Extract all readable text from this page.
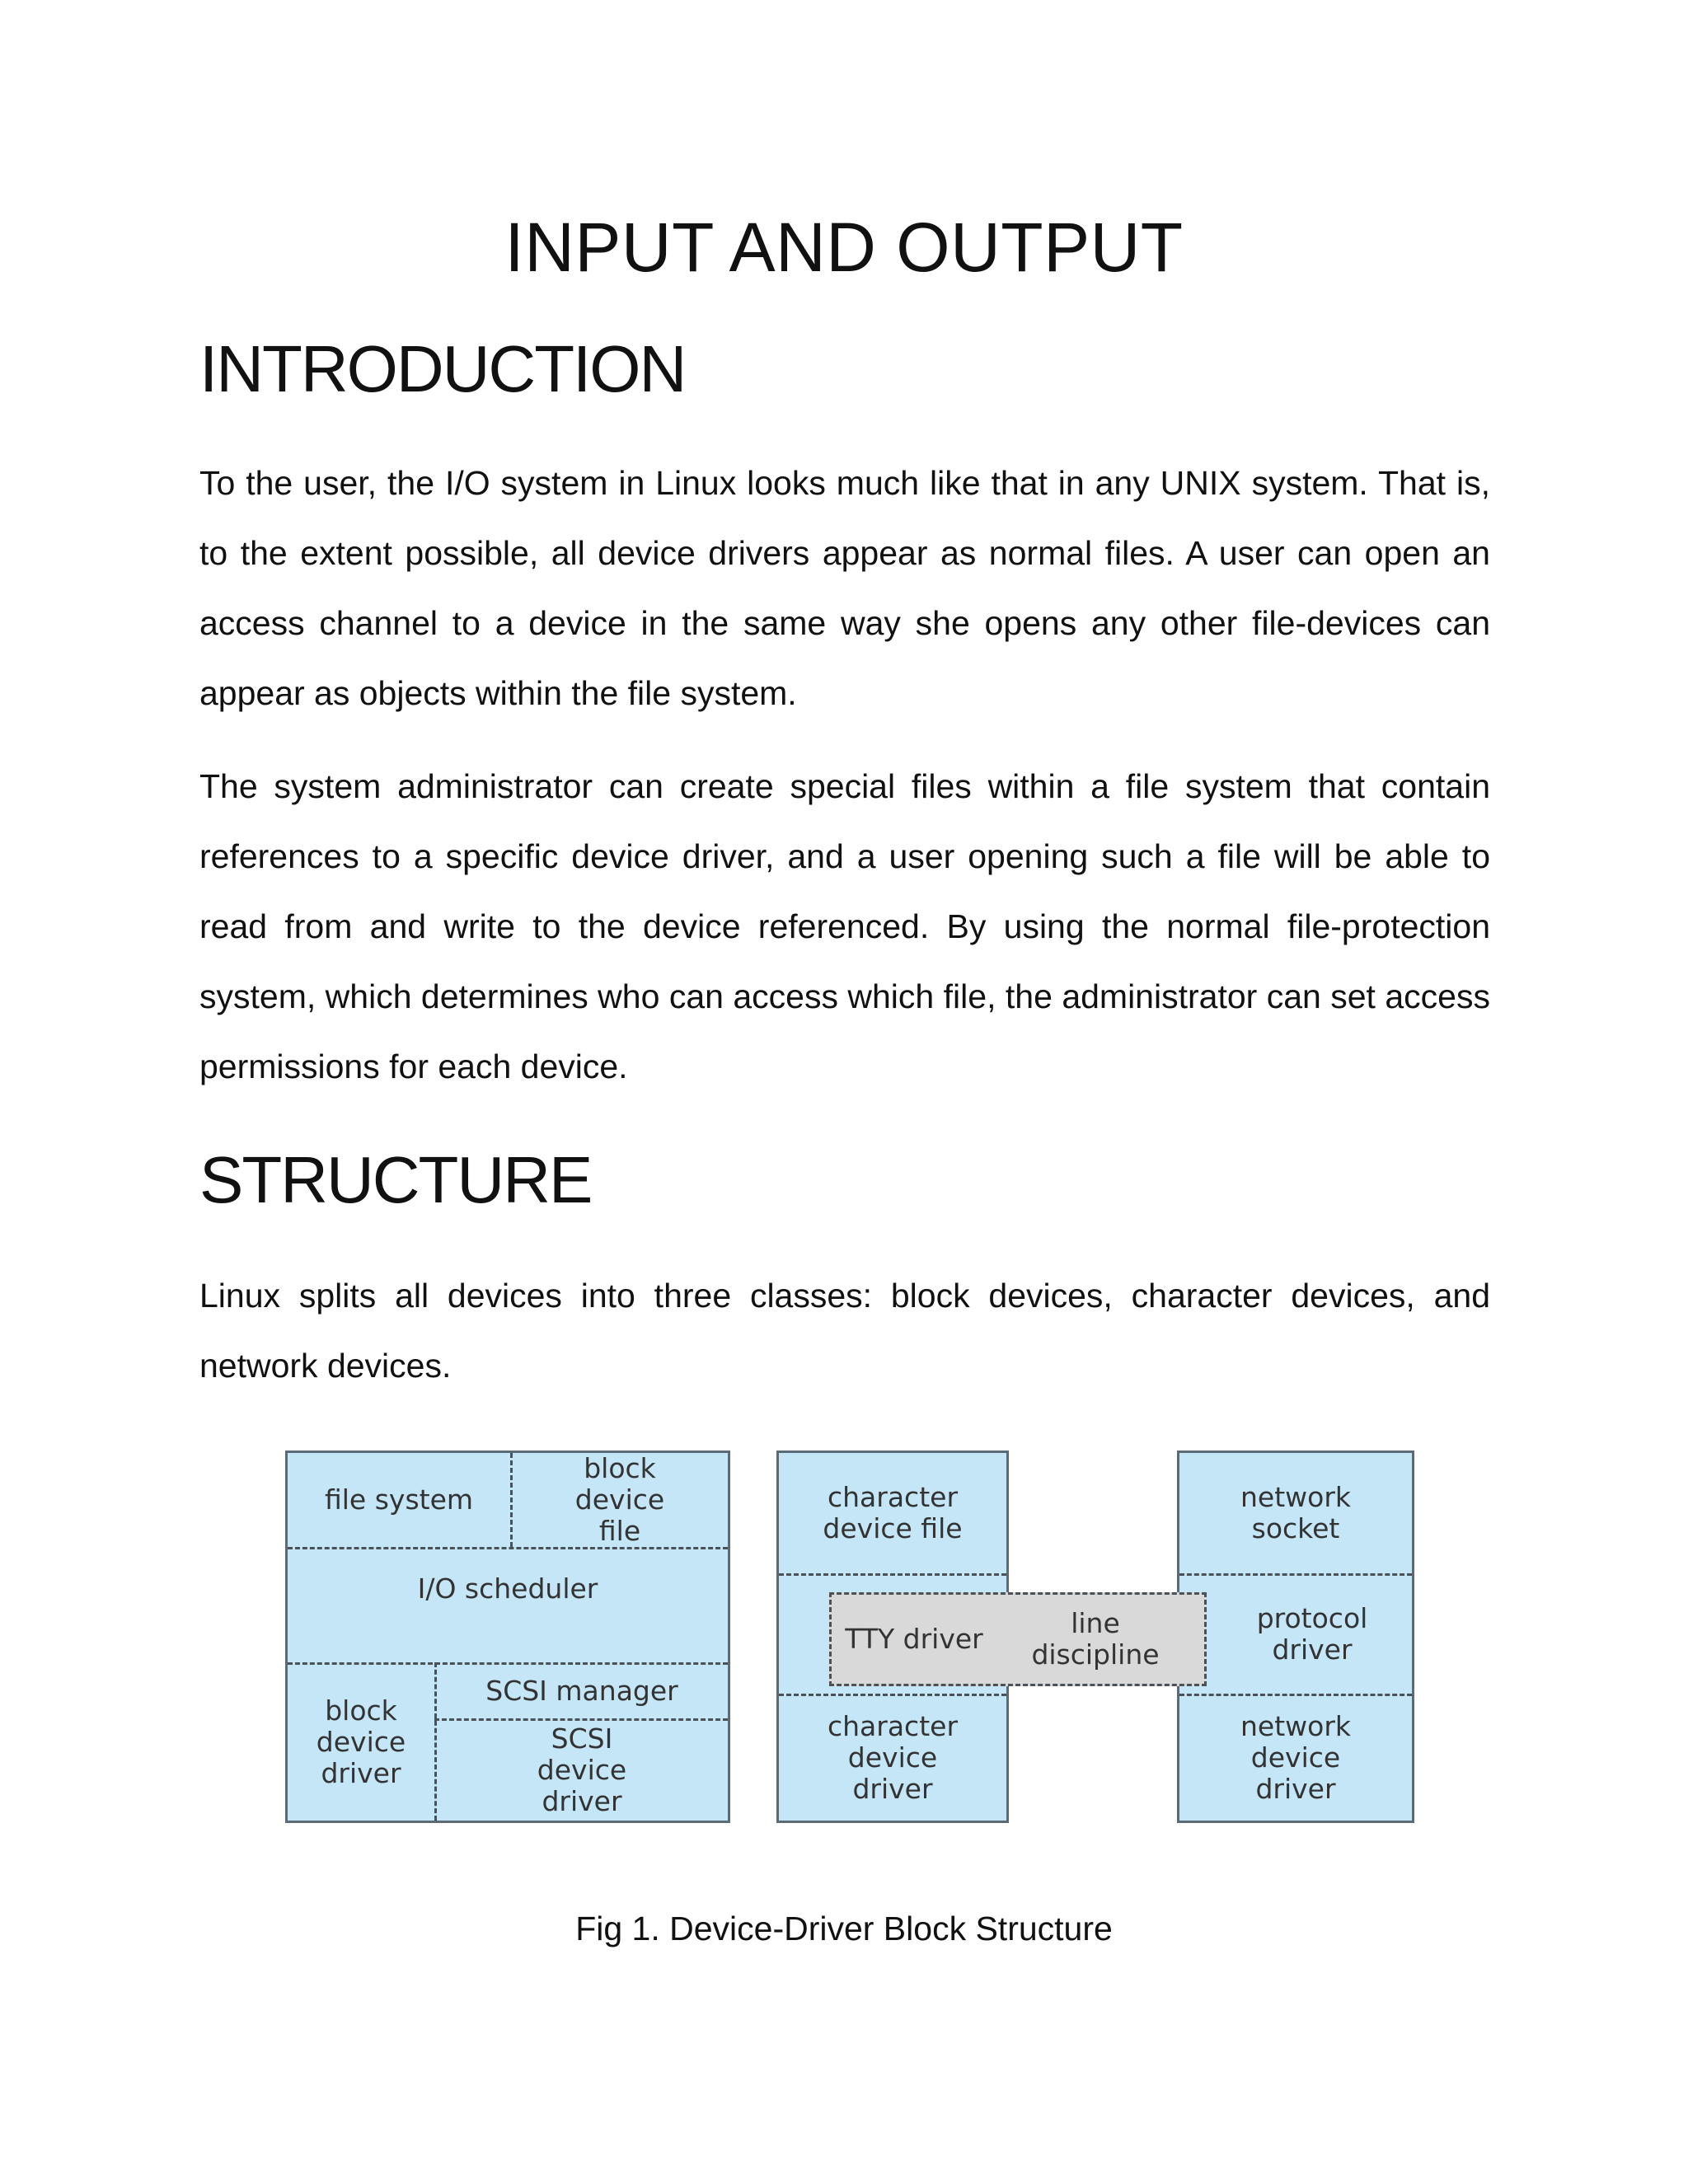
INPUT AND OUTPUT
INTRODUCTION

To the user, the I/O system in Linux looks much like that in any UNIX system. That is, to the extent possible, all device drivers appear as normal files. A user can open an access channel to a device in the same way she opens any other file-devices can appear as objects within the file system.

The system administrator can create special files within a file system that contain references to a specific device driver, and a user opening such a file will be able to read from and write to the device referenced. By using the normal file-protection system, which determines who can access which file, the administrator can set access permissions for each device.

STRUCTURE

Linux splits all devices into three classes: block devices, character devices, and network devices.

file system
block device file
I/O scheduler
block device driver
SCSI manager
SCSI device driver
character device file
character device driver
network socket
protocol driver
network device driver
TTY driver	line discipline
Fig 1. Device-Driver Block Structure
